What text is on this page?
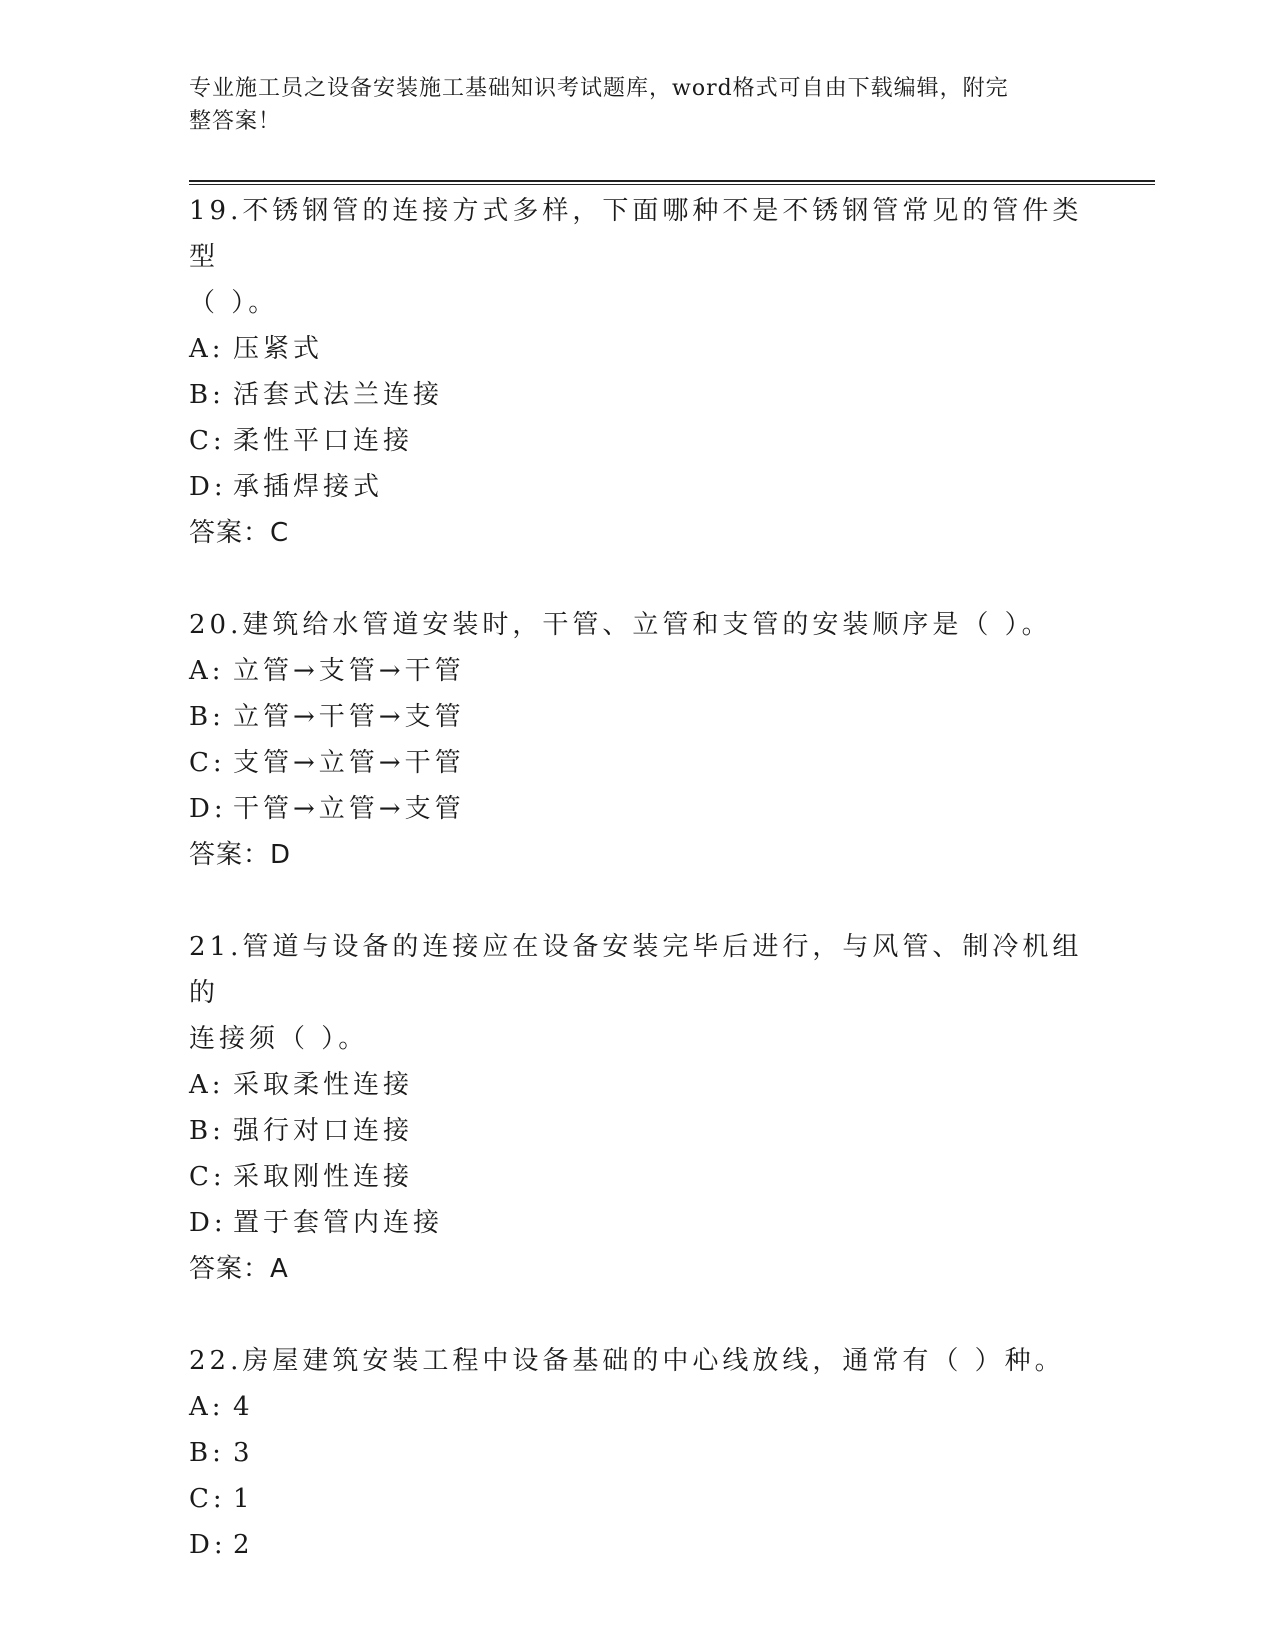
专业施工员之设备安装施工基础知识考试题库，word格式可自由下载编辑，附完
整答案！
19.不锈钢管的连接方式多样，下面哪种不是不锈钢管常见的管件类型
（ ）。
A: 压紧式
B: 活套式法兰连接
C: 柔性平口连接
D: 承插焊接式
答案：C
20.建筑给水管道安装时，干管、立管和支管的安装顺序是（ ）。
A: 立管→支管→干管
B: 立管→干管→支管
C: 支管→立管→干管
D: 干管→立管→支管
答案：D
21.管道与设备的连接应在设备安装完毕后进行，与风管、制冷机组的
连接须（ ）。
A: 采取柔性连接
B: 强行对口连接
C: 采取刚性连接
D: 置于套管内连接
答案：A
22.房屋建筑安装工程中设备基础的中心线放线，通常有（ ）种。
A: 4
B: 3
C: 1
D: 2
